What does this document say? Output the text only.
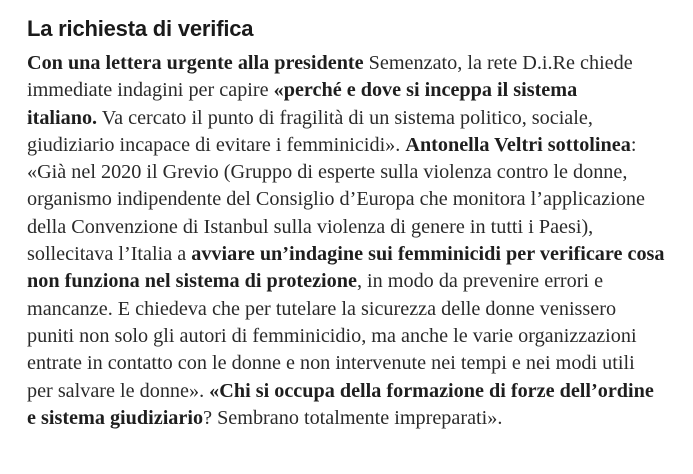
La richiesta di verifica
Con una lettera urgente alla presidente Semenzato, la rete D.i.Re chiede
immediate indagini per capire «perché e dove si inceppa il sistema
italiano. Va cercato il punto di fragilità di un sistema politico, sociale,
giudiziario incapace di evitare i femminicidi». Antonella Veltri sottolinea:
«Già nel 2020 il Grevio (Gruppo di esperte sulla violenza contro le donne,
organismo indipendente del Consiglio d’Europa che monitora l’applicazione
della Convenzione di Istanbul sulla violenza di genere in tutti i Paesi),
sollecitava l’Italia a avviare un’indagine sui femminicidi per verificare cosa
non funziona nel sistema di protezione, in modo da prevenire errori e
mancanze. E chiedeva che per tutelare la sicurezza delle donne venissero
puniti non solo gli autori di femminicidio, ma anche le varie organizzazioni
entrate in contatto con le donne e non intervenute nei tempi e nei modi utili
per salvare le donne». «Chi si occupa della formazione di forze dell’ordine
e sistema giudiziario? Sembrano totalmente impreparati».
